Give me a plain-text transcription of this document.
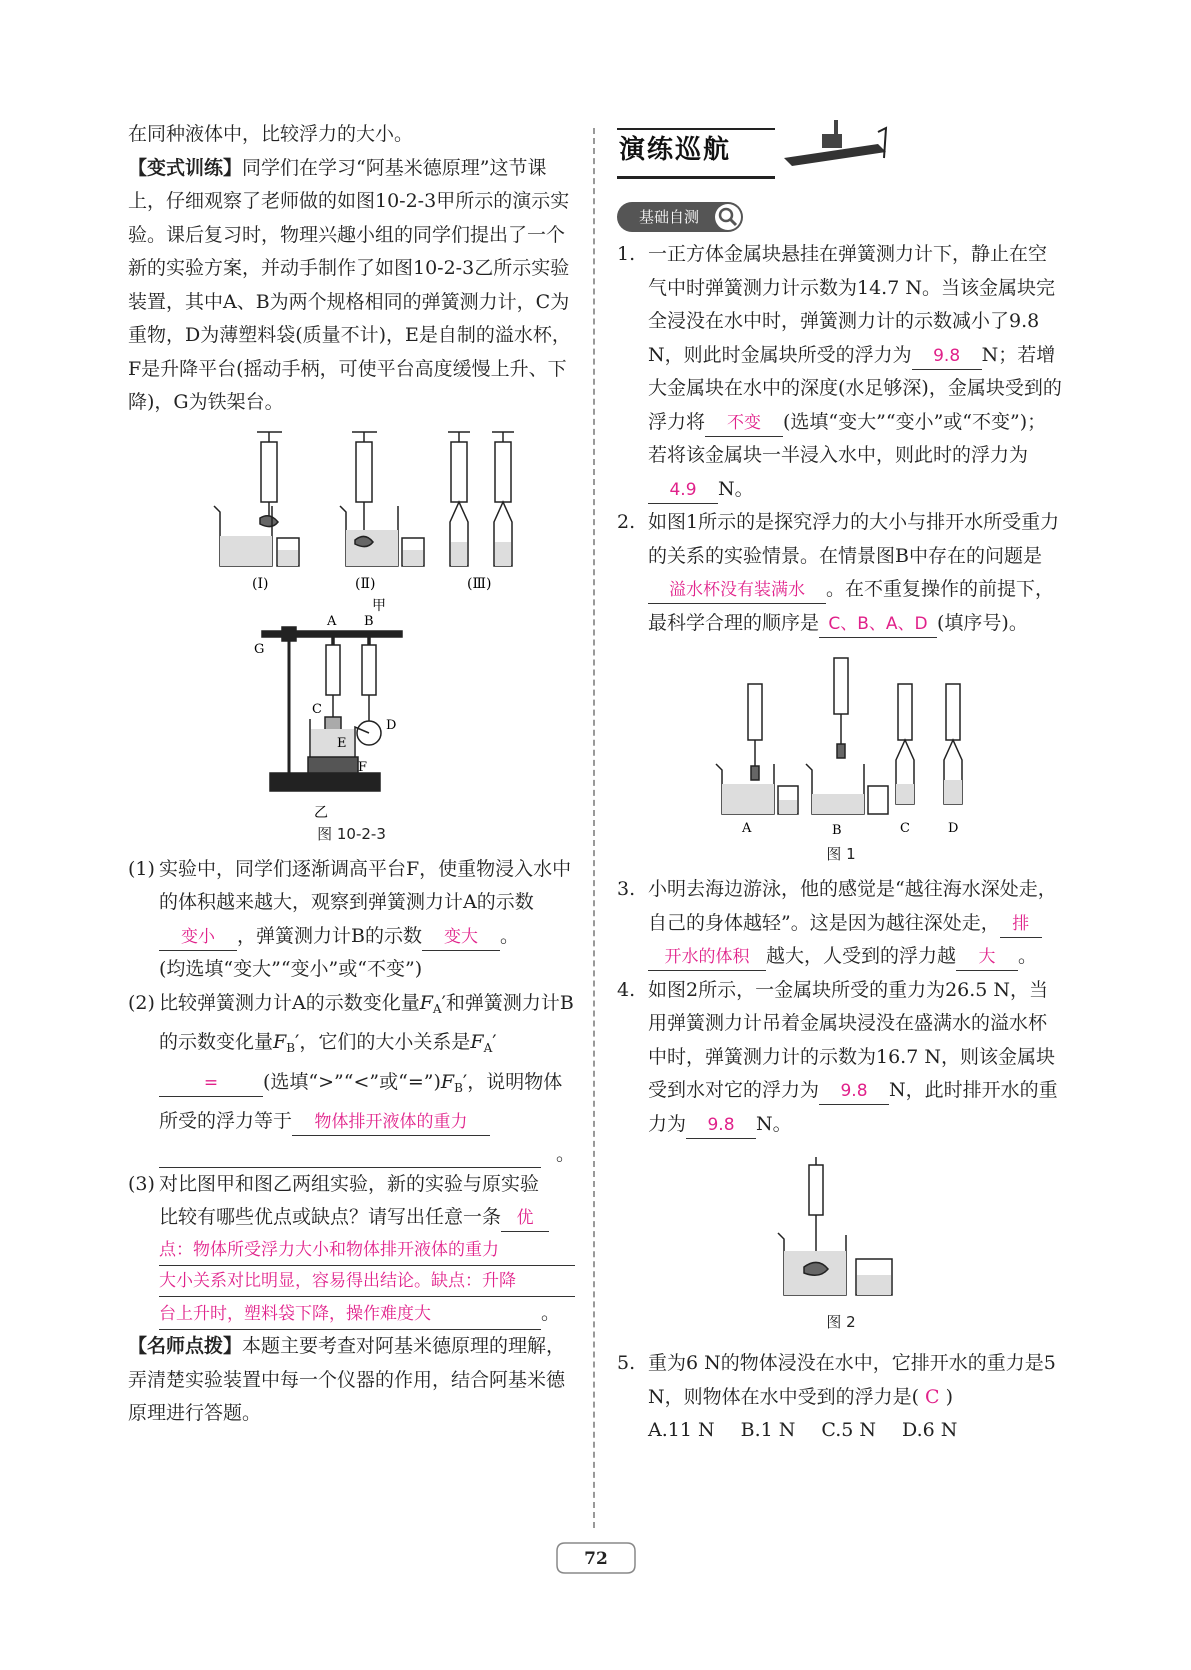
在同种液体中，比较浮力的大小。

【变式训练】同学们在学习“阿基米德原理”这节课上，仔细观察了老师做的如图10-2-3甲所示的演示实验。课后复习时，物理兴趣小组的同学们提出了一个新的实验方案，并动手制作了如图10-2-3乙所示实验装置，其中A、B为两个规格相同的弹簧测力计，C为重物，D为薄塑料袋(质量不计)，E是自制的溢水杯，F是升降平台(摇动手柄，可使平台高度缓慢上升、下降)，G为铁架台。

(Ⅰ)	(Ⅱ)	(Ⅲ)
甲
A B
G
C
D
E
F
乙
图 10-2-3

(1) 实验中，同学们逐渐调高平台F，使重物浸入水中的体积越来越大，观察到弹簧测力计A的示数变小 ，弹簧测力计B的示数 变大 。
(均选填“变大”“变小”或“不变”)

(2) 比较弹簧测力计A的示数变化量$F_A'$和弹簧测力计B的示数变化量$F_B'$，它们的大小关系是$F_A'=$ (选填“>”“<”或“$=”)F_B'$，说明物体所受的浮力等于 物体排开液体的重力
。

(3) 对比图甲和图乙两组实验，新的实验与原实验比较有哪些优点或缺点？请写出任意一条 优
点：物体所受浮力大小和物体排开液体的重力
大小关系对比明显，容易得出结论。缺点：升降
台上升时，塑料袋下降，操作难度大	。

【名师点拨】本题主要考查对阿基米德原理的理解，弄清楚实验装置中每一个仪器的作用，结合阿基米德原理进行答题。

演练巡航
基础自测

1. 一正方体金属块悬挂在弹簧测力计下，静止在空气中时弹簧测力计示数为14.7 N。当该金属块完全浸没在水中时，弹簧测力计的示数减小了9.8 N，则此时金属块所受的浮力为 9.8 N；若增大金属块在水中的深度(水足够深)，金属块受到的浮力将 不变 (选填“变大”“变小”或“不变”)；若将该金属块一半浸入水中，则此时的浮力为4.9 N。

2. 如图1所示的是探究浮力的大小与排开水所受重力的关系的实验情景。在情景图B中存在的问题是溢水杯没有装满水 。在不重复操作的前提下，最科学合理的顺序是 C、B、A、D (填序号)。

A	B	C	D
图 1

3. 小明去海边游泳，他的感觉是“越往海水深处走，自己的身体越轻”。这是因为越往深处走， 排开水的体积 越大，人受到的浮力越 大 。

4. 如图2所示，一金属块所受的重力为26.5 N，当用弹簧测力计吊着金属块浸没在盛满水的溢水杯中时，弹簧测力计的示数为16.7 N，则该金属块受到水对它的浮力为 9.8 N，此时排开水的重力为 9.8 N。

图 2

5. 重为6 N的物体浸没在水中，它排开水的重力是5 N，则物体在水中受到的浮力是( C )
A.11 N B.1 N C.5 N D.6 N

72
